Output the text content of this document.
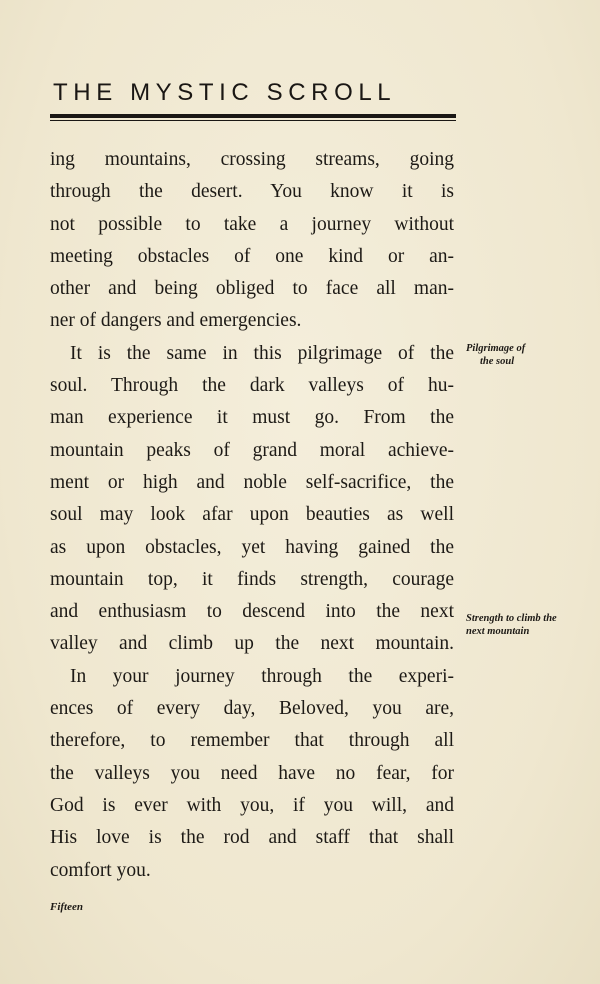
THE MYSTIC SCROLL
ing mountains, crossing streams, going
through the desert. You know it is
not possible to take a journey without
meeting obstacles of one kind or an-
other and being obliged to face all man-
ner of dangers and emergencies.
It is the same in this pilgrimage of the
soul. Through the dark valleys of hu-
man experience it must go. From the
mountain peaks of grand moral achieve-
ment or high and noble self-sacrifice, the
soul may look afar upon beauties as well
as upon obstacles, yet having gained the
mountain top, it finds strength, courage
and enthusiasm to descend into the next
valley and climb up the next mountain.
In your journey through the experi-
ences of every day, Beloved, you are,
therefore, to remember that through all
the valleys you need have no fear, for
God is ever with you, if you will, and
His love is the rod and staff that shall
comfort you.
Pilgrimage of
the soul
Strength to climb the
next mountain
Fifteen
